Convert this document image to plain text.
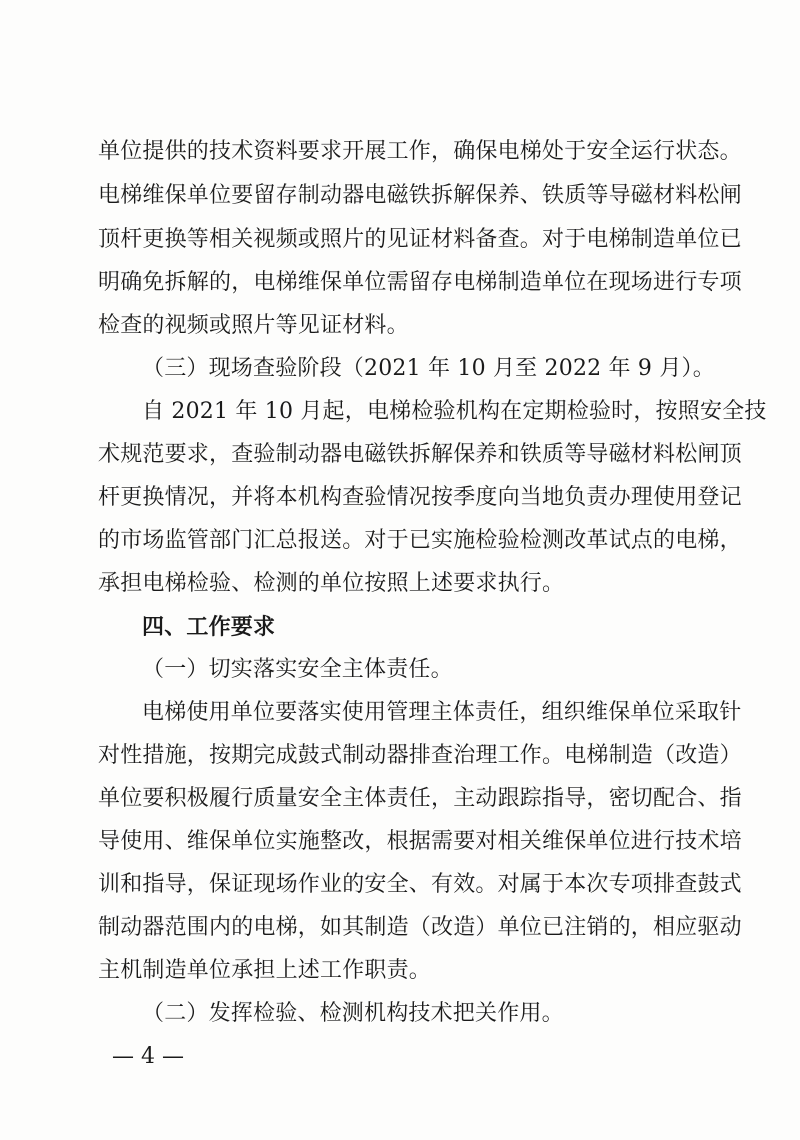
单位提供的技术资料要求开展工作，确保电梯处于安全运行状态。
电梯维保单位要留存制动器电磁铁拆解保养、铁质等导磁材料松闸
顶杆更换等相关视频或照片的见证材料备查。对于电梯制造单位已
明确免拆解的，电梯维保单位需留存电梯制造单位在现场进行专项
检查的视频或照片等见证材料。
（三）现场查验阶段（2021 年 10 月至 2022 年 9 月）。
自 2021 年 10 月起，电梯检验机构在定期检验时，按照安全技
术规范要求，查验制动器电磁铁拆解保养和铁质等导磁材料松闸顶
杆更换情况，并将本机构查验情况按季度向当地负责办理使用登记
的市场监管部门汇总报送。对于已实施检验检测改革试点的电梯，
承担电梯检验、检测的单位按照上述要求执行。
四、工作要求
（一）切实落实安全主体责任。
电梯使用单位要落实使用管理主体责任，组织维保单位采取针
对性措施，按期完成鼓式制动器排查治理工作。电梯制造（改造）
单位要积极履行质量安全主体责任，主动跟踪指导，密切配合、指
导使用、维保单位实施整改，根据需要对相关维保单位进行技术培
训和指导，保证现场作业的安全、有效。对属于本次专项排查鼓式
制动器范围内的电梯，如其制造（改造）单位已注销的，相应驱动
主机制造单位承担上述工作职责。
（二）发挥检验、检测机构技术把关作用。
— 4 —
